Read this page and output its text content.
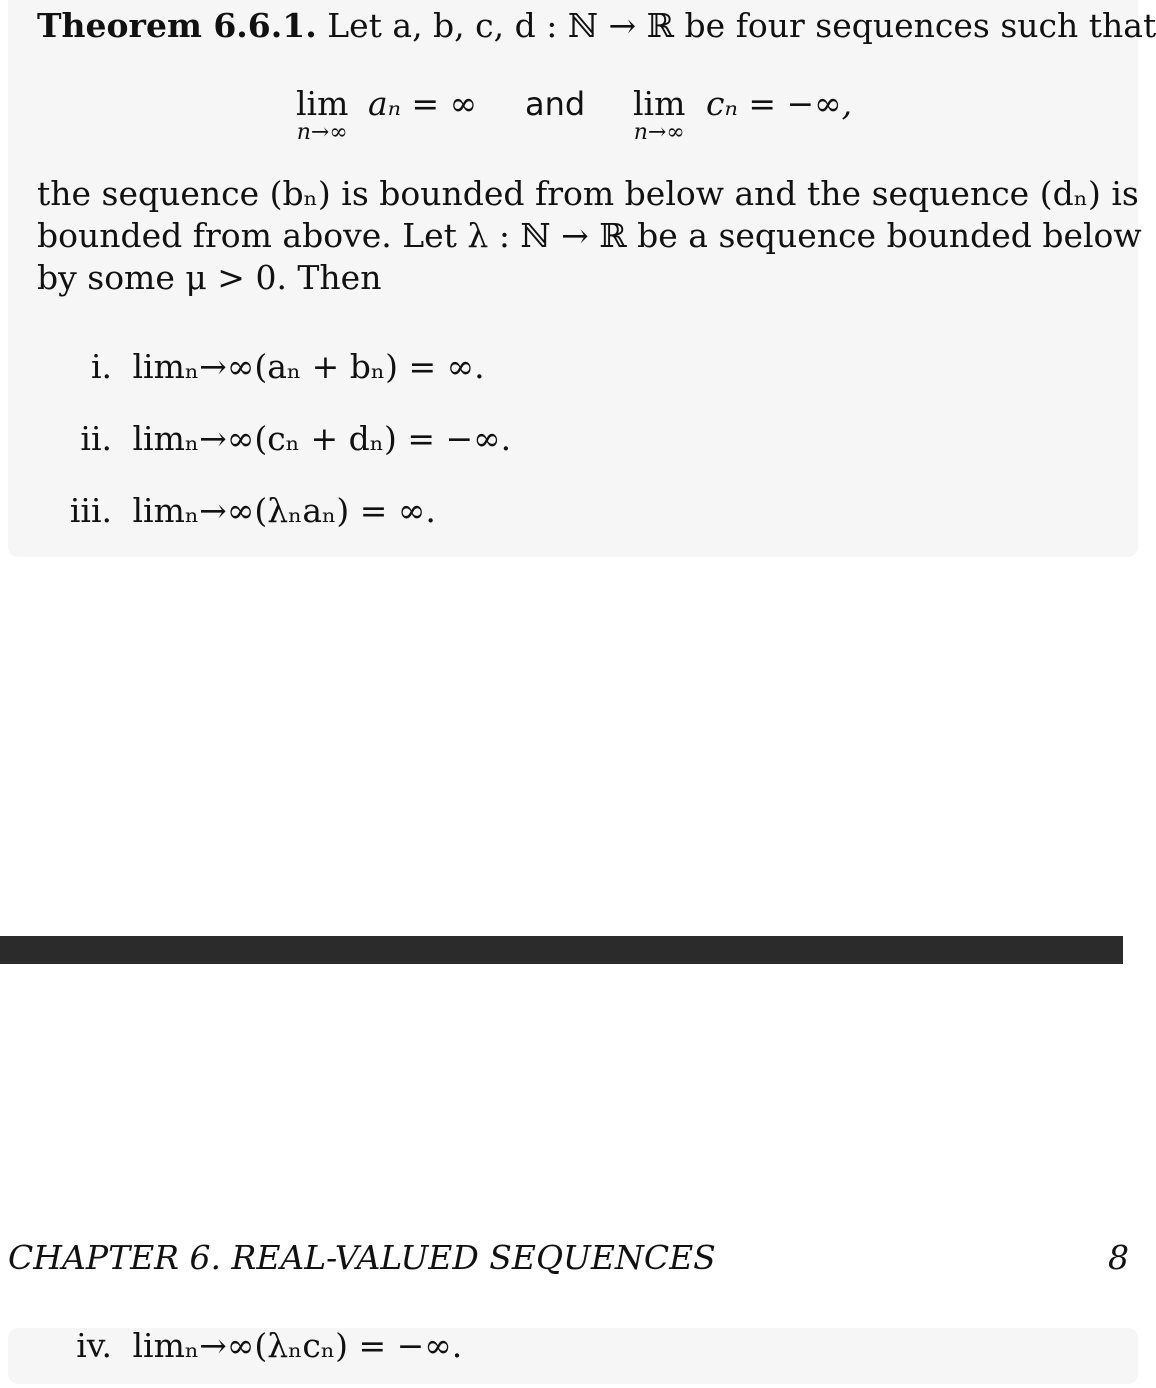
Theorem 6.6.1. Let a, b, c, d : ℕ → ℝ be four sequences such that
lim
n→∞
aₙ = ∞ and lim
n→∞
cₙ = −∞,
the sequence (bₙ) is bounded from below and the sequence (dₙ) is
bounded from above. Let λ : ℕ → ℝ be a sequence bounded below
by some μ > 0. Then
i. limₙ→∞(aₙ + bₙ) = ∞.
ii. limₙ→∞(cₙ + dₙ) = −∞.
iii. limₙ→∞(λₙaₙ) = ∞.
CHAPTER 6. REAL-VALUED SEQUENCES	8
iv. limₙ→∞(λₙcₙ) = −∞.
